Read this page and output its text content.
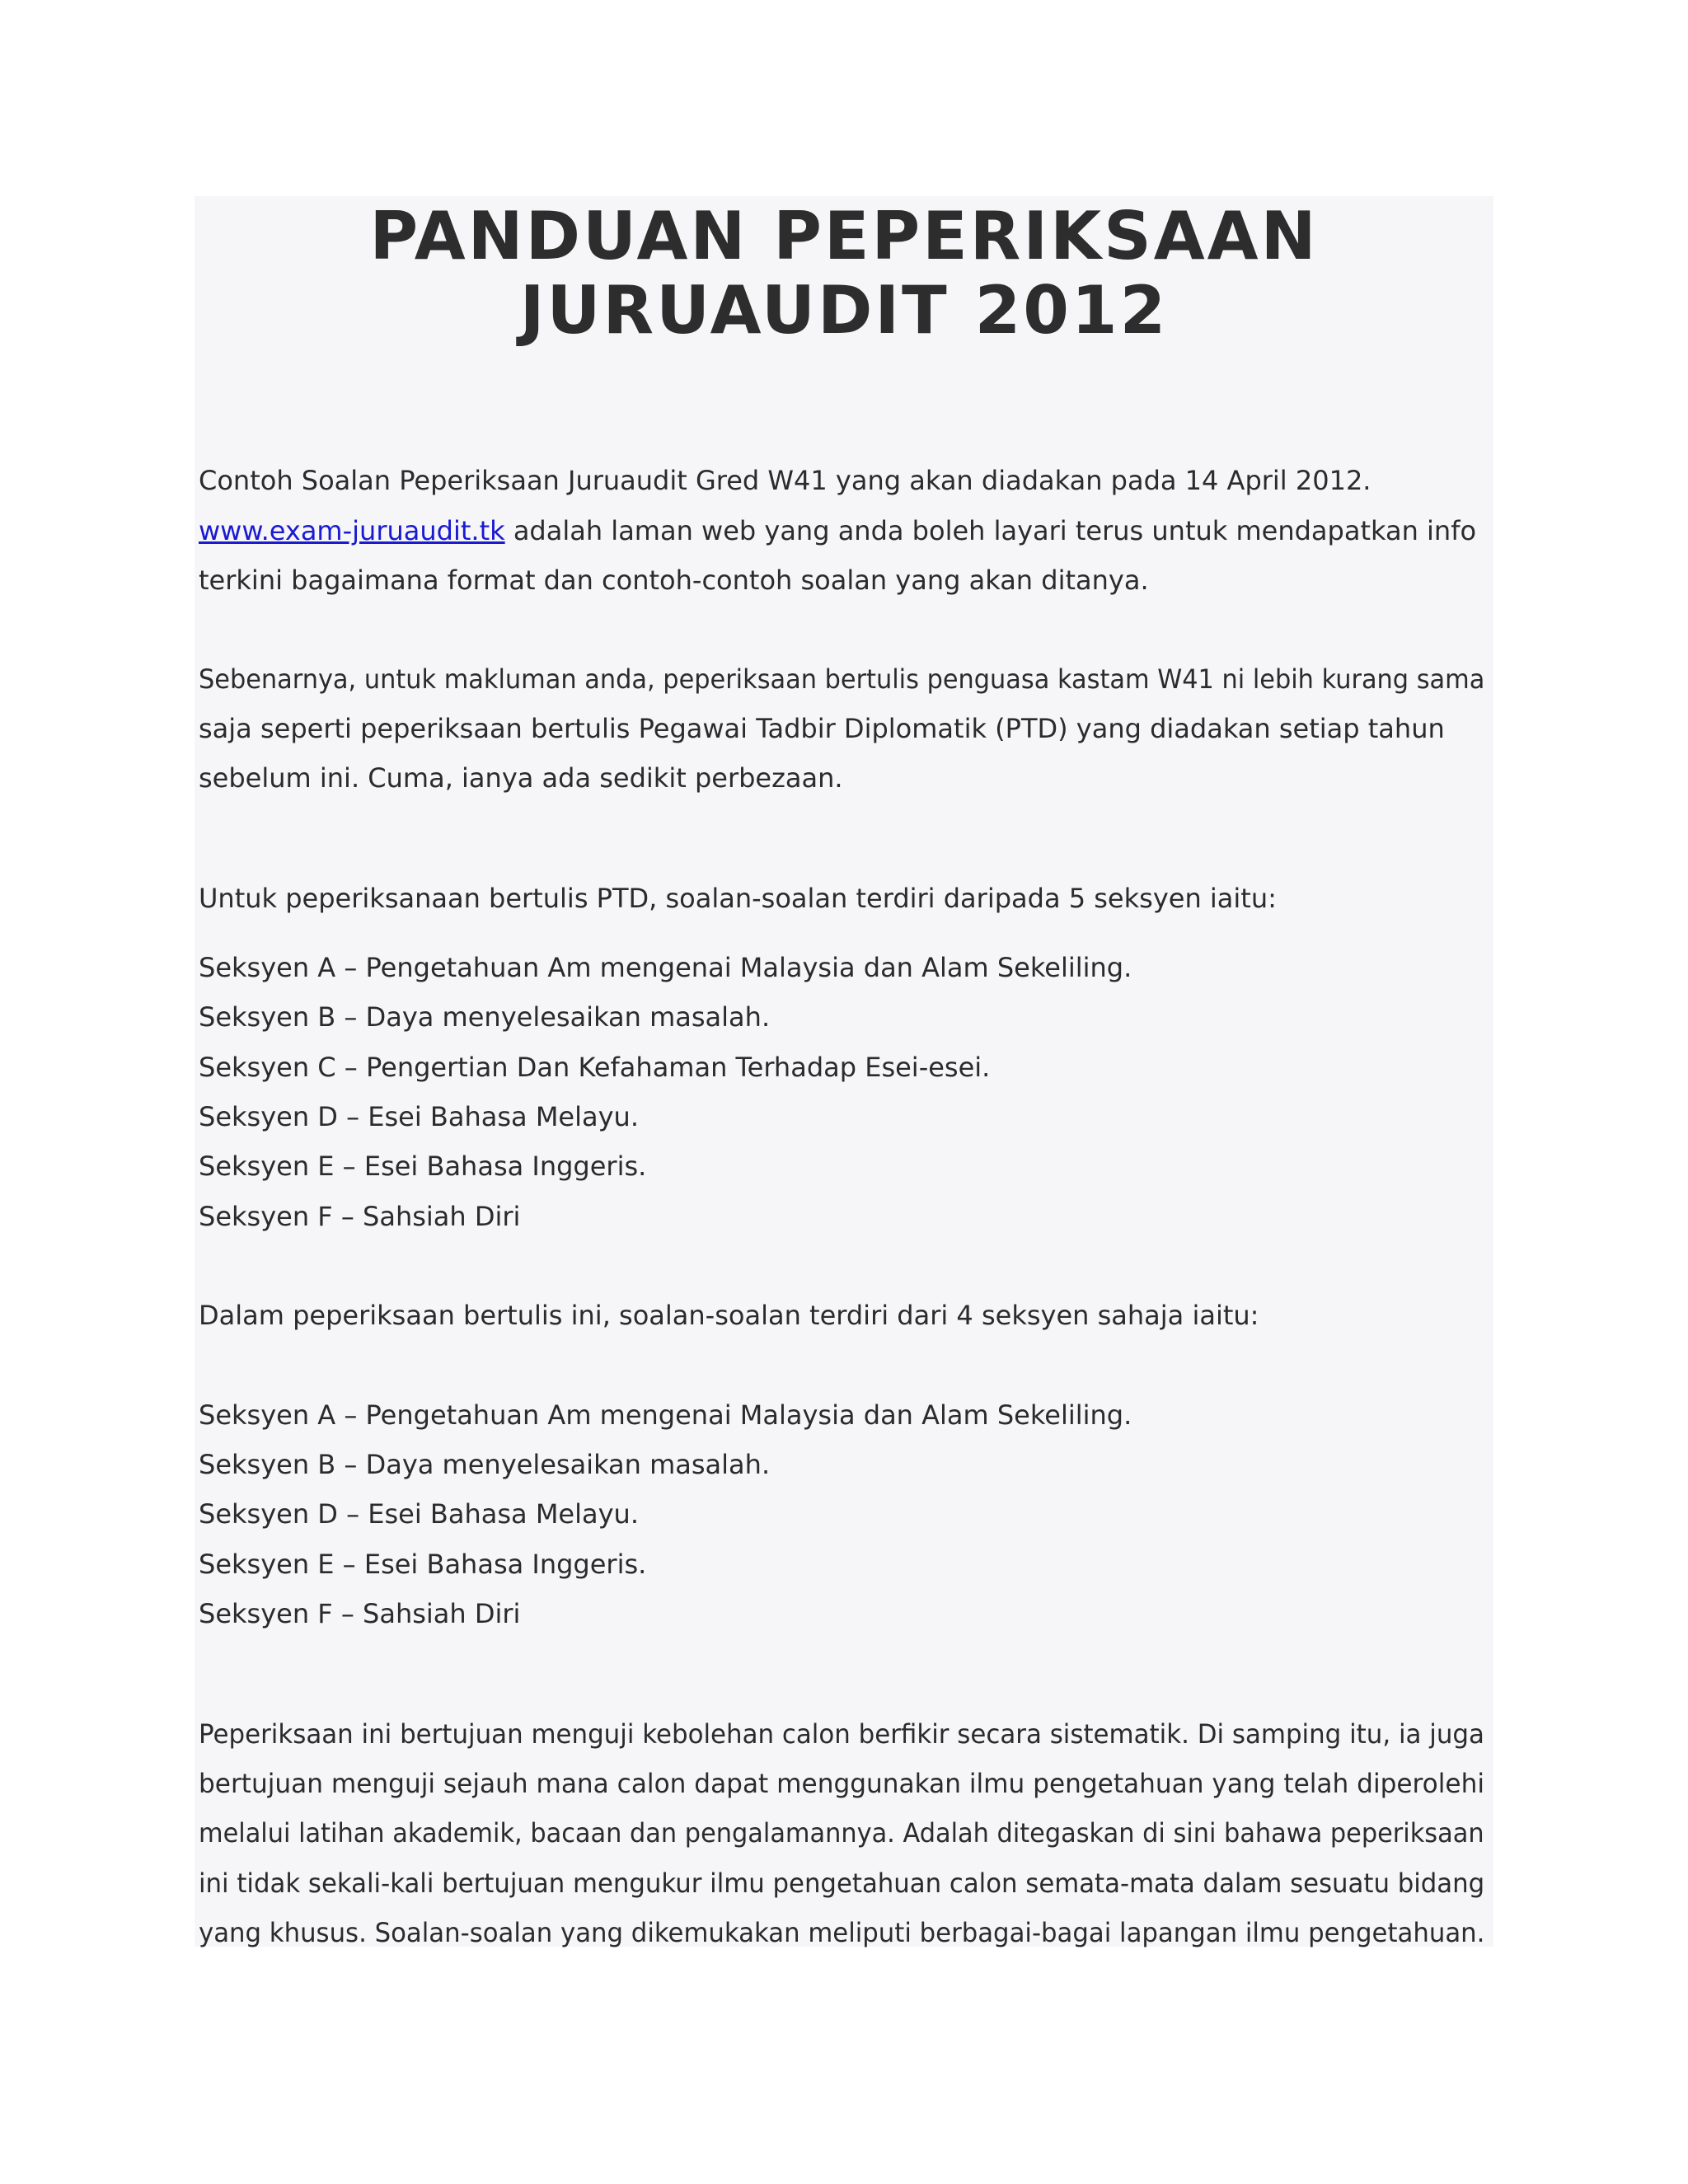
PANDUAN PEPERIKSAAN JURUAUDIT 2012

Contoh Soalan Peperiksaan Juruaudit Gred W41 yang akan diadakan pada 14 April 2012.

www.exam-juruaudit.tk adalah laman web yang anda boleh layari terus untuk mendapatkan info

terkini bagaimana format dan contoh-contoh soalan yang akan ditanya.

Sebenarnya, untuk makluman anda, peperiksaan bertulis penguasa kastam W41 ni lebih kurang sama

saja seperti peperiksaan bertulis Pegawai Tadbir Diplomatik (PTD) yang diadakan setiap tahun

sebelum ini. Cuma, ianya ada sedikit perbezaan.

Untuk peperiksanaan bertulis PTD, soalan-soalan terdiri daripada 5 seksyen iaitu:

Seksyen A – Pengetahuan Am mengenai Malaysia dan Alam Sekeliling.

Seksyen B – Daya menyelesaikan masalah.

Seksyen C – Pengertian Dan Kefahaman Terhadap Esei-esei.

Seksyen D – Esei Bahasa Melayu.

Seksyen E – Esei Bahasa Inggeris.

Seksyen F – Sahsiah Diri

Dalam peperiksaan bertulis ini, soalan-soalan terdiri dari 4 seksyen sahaja iaitu:

Seksyen A – Pengetahuan Am mengenai Malaysia dan Alam Sekeliling.

Seksyen B – Daya menyelesaikan masalah.

Seksyen D – Esei Bahasa Melayu.

Seksyen E – Esei Bahasa Inggeris.

Seksyen F – Sahsiah Diri

Peperiksaan ini bertujuan menguji kebolehan calon berfikir secara sistematik. Di samping itu, ia juga

bertujuan menguji sejauh mana calon dapat menggunakan ilmu pengetahuan yang telah diperolehi

melalui latihan akademik, bacaan dan pengalamannya. Adalah ditegaskan di sini bahawa peperiksaan

ini tidak sekali-kali bertujuan mengukur ilmu pengetahuan calon semata-mata dalam sesuatu bidang

yang khusus. Soalan-soalan yang dikemukakan meliputi berbagai-bagai lapangan ilmu pengetahuan.
